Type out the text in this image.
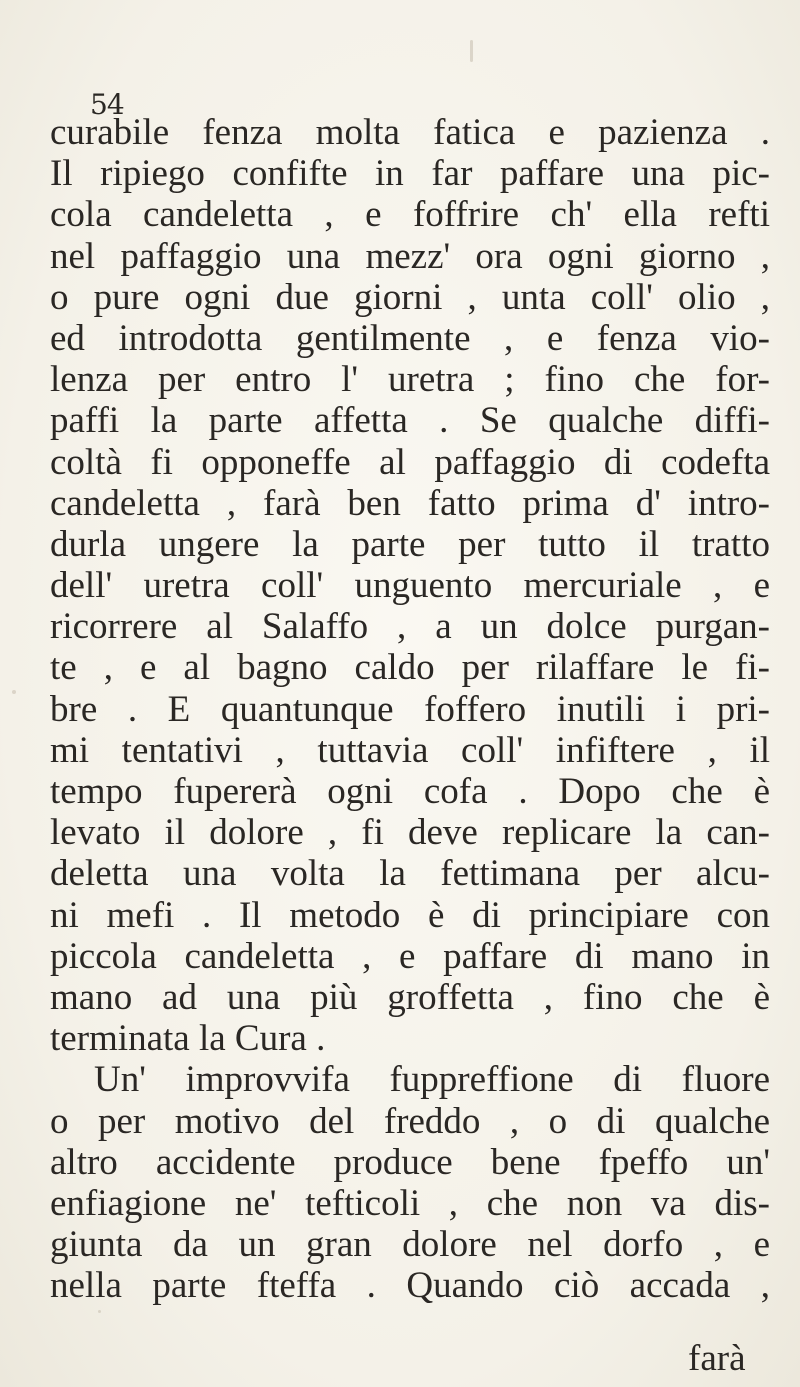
54
curabile fenza molta fatica e pazienza .
Il ripiego confifte in far paffare una pic-
cola candeletta , e foffrire ch' ella refti
nel paffaggio una mezz' ora ogni giorno ,
o pure ogni due giorni , unta coll' olio ,
ed introdotta gentilmente , e fenza vio-
lenza per entro l' uretra ; fino che for-
paffi la parte affetta . Se qualche diffi-
coltà fi opponeffe al paffaggio di codefta
candeletta , farà ben fatto prima d' intro-
durla ungere la parte per tutto il tratto
dell' uretra coll' unguento mercuriale , e
ricorrere al Salaffo , a un dolce purgan-
te , e al bagno caldo per rilaffare le fi-
bre . E quantunque foffero inutili i pri-
mi tentativi , tuttavia coll' infiftere , il
tempo fupererà ogni cofa . Dopo che è
levato il dolore , fi deve replicare la can-
deletta una volta la fettimana per alcu-
ni mefi . Il metodo è di principiare con
piccola candeletta , e paffare di mano in
mano ad una più groffetta , fino che è
terminata la Cura .
Un' improvvifa fuppreffione di fluore
o per motivo del freddo , o di qualche
altro accidente produce bene fpeffo un'
enfiagione ne' tefticoli , che non va dis-
giunta da un gran dolore nel dorfo , e
nella parte fteffa . Quando ciò accada ,
farà
